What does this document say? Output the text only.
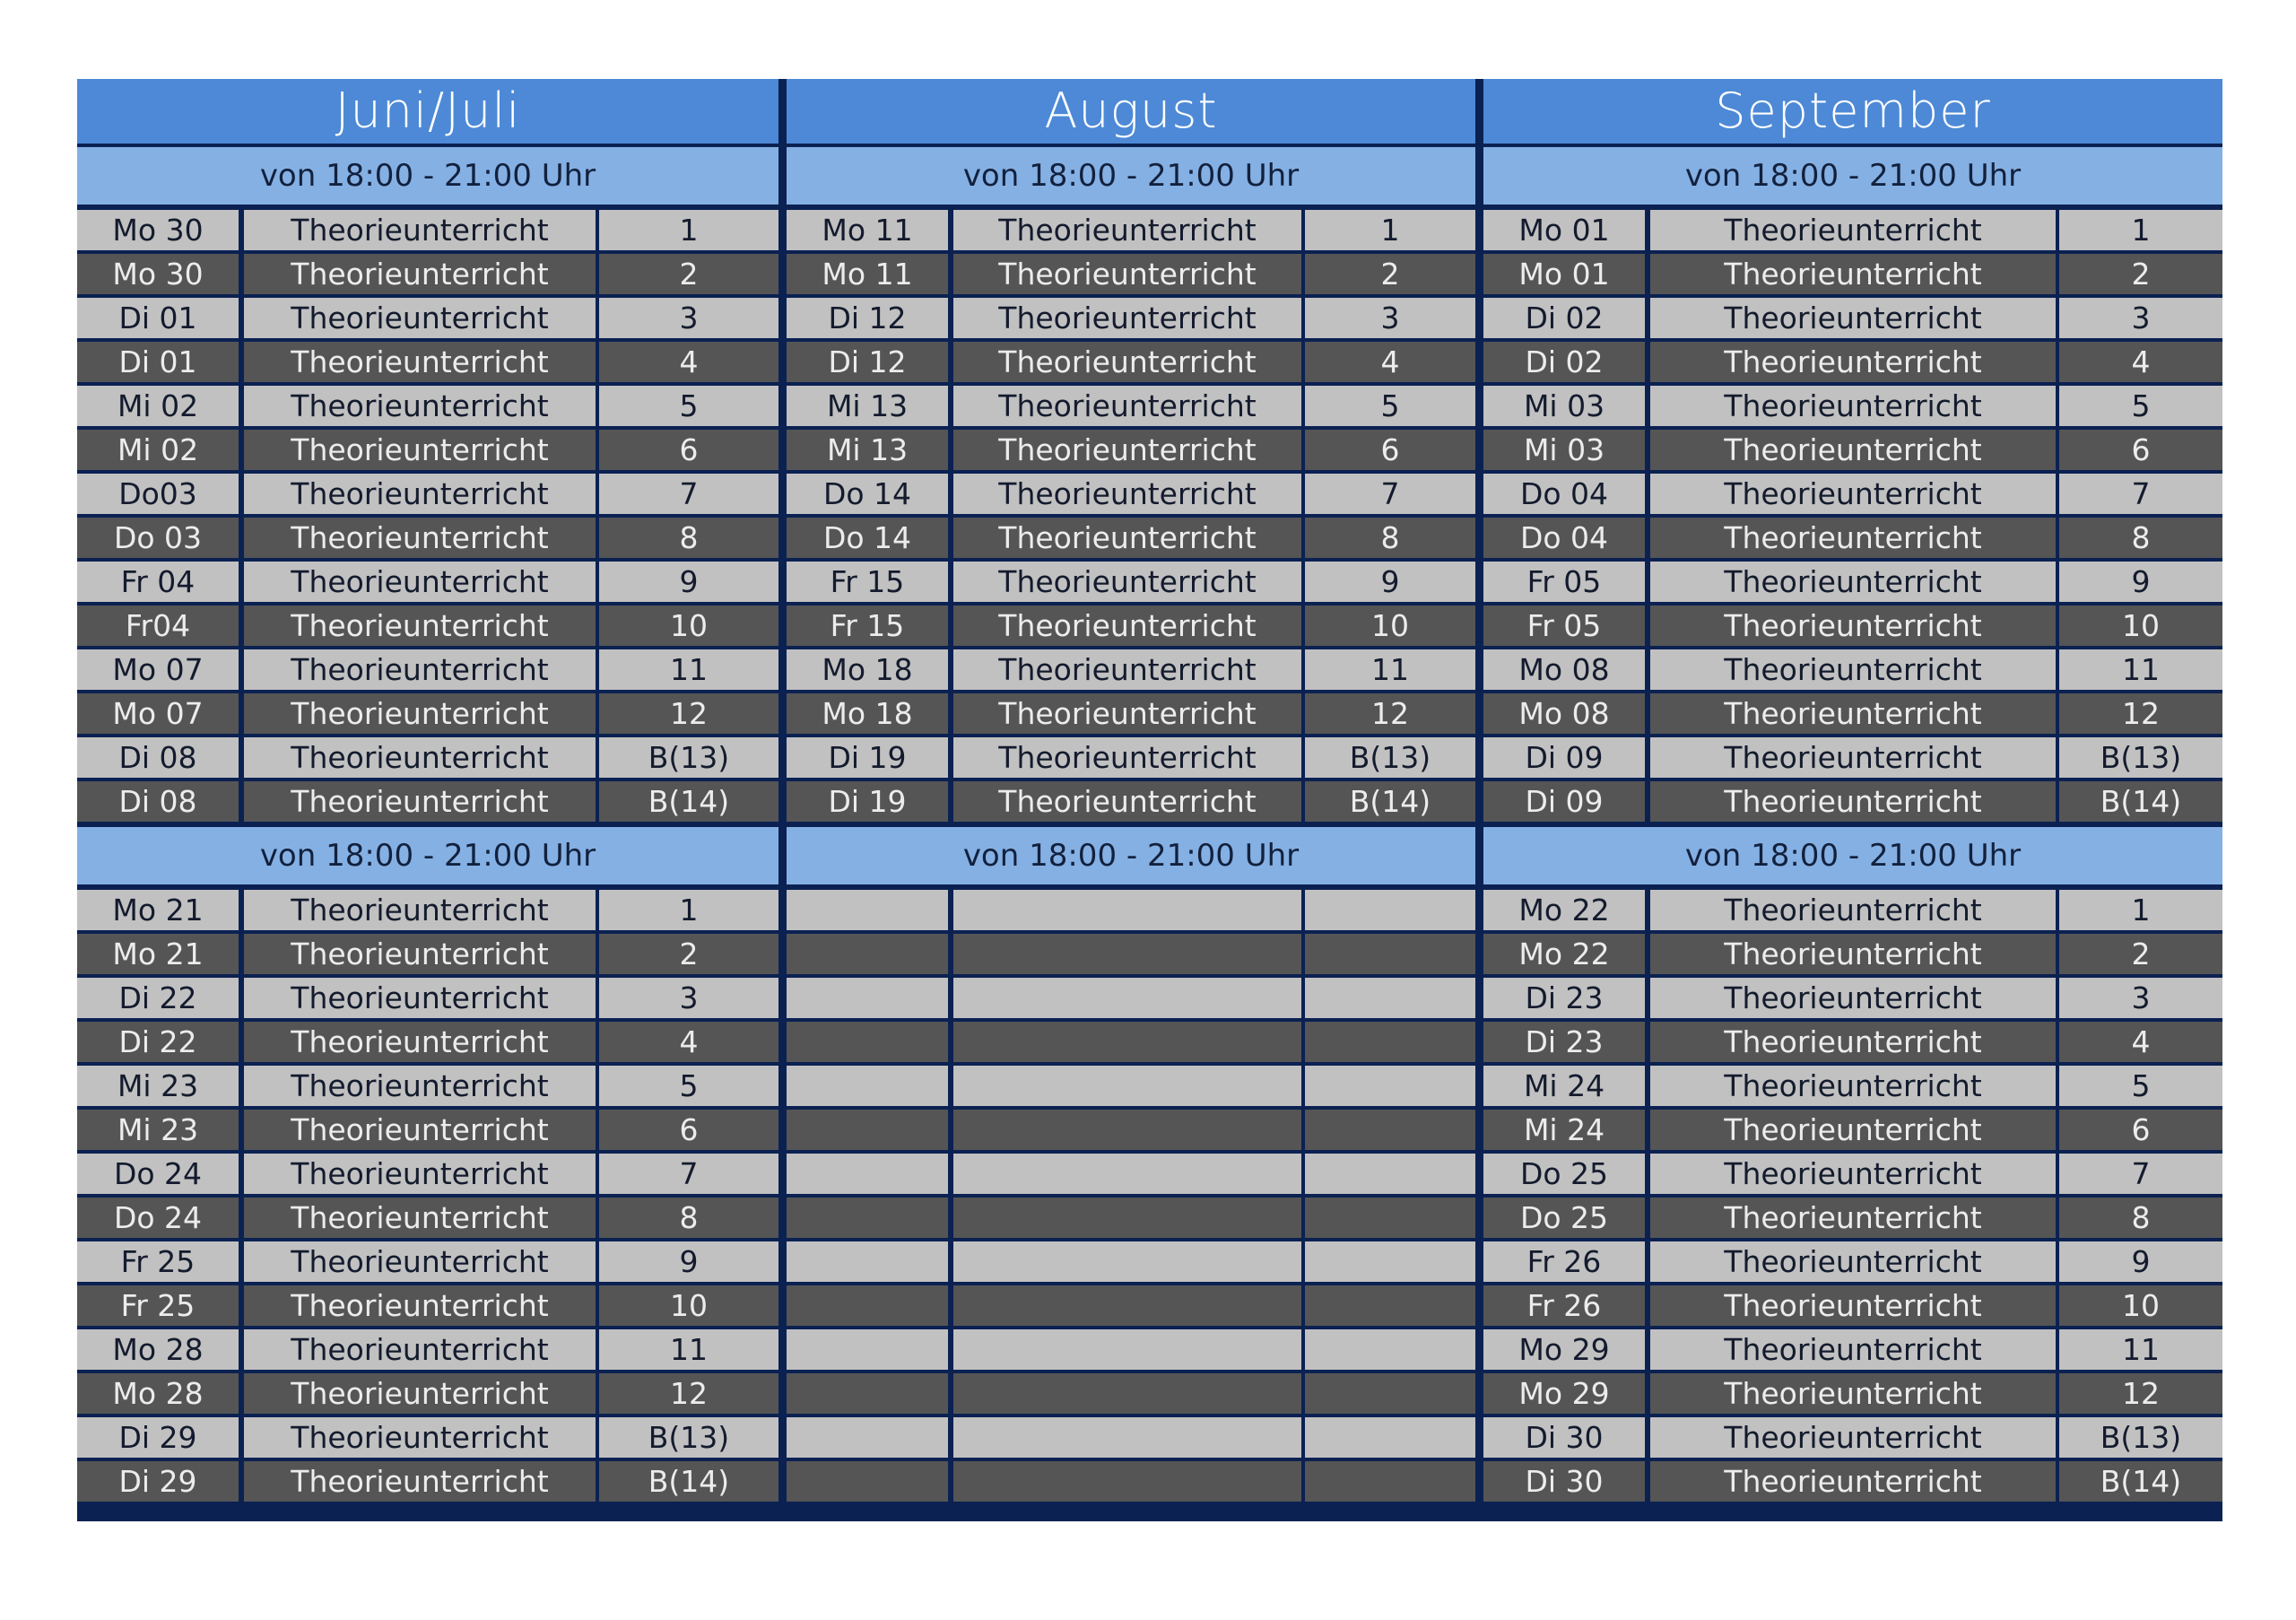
Juni/Juli
von 18:00 - 21:00 Uhr
Mo 30	Theorieunterricht	1
Mo 30	Theorieunterricht	2
Di 01	Theorieunterricht	3
Di 01	Theorieunterricht	4
Mi 02	Theorieunterricht	5
Mi 02	Theorieunterricht	6
Do03	Theorieunterricht	7
Do 03	Theorieunterricht	8
Fr 04	Theorieunterricht	9
Fr04	Theorieunterricht	10
Mo 07	Theorieunterricht	11
Mo 07	Theorieunterricht	12
Di 08	Theorieunterricht	B(13)
Di 08	Theorieunterricht	B(14)
von 18:00 - 21:00 Uhr
Mo 21	Theorieunterricht	1
Mo 21	Theorieunterricht	2
Di 22	Theorieunterricht	3
Di 22	Theorieunterricht	4
Mi 23	Theorieunterricht	5
Mi 23	Theorieunterricht	6
Do 24	Theorieunterricht	7
Do 24	Theorieunterricht	8
Fr 25	Theorieunterricht	9
Fr 25	Theorieunterricht	10
Mo 28	Theorieunterricht	11
Mo 28	Theorieunterricht	12
Di 29	Theorieunterricht	B(13)
Di 29	Theorieunterricht	B(14)
August
von 18:00 - 21:00 Uhr
Mo 11	Theorieunterricht	1
Mo 11	Theorieunterricht	2
Di 12	Theorieunterricht	3
Di 12	Theorieunterricht	4
Mi 13	Theorieunterricht	5
Mi 13	Theorieunterricht	6
Do 14	Theorieunterricht	7
Do 14	Theorieunterricht	8
Fr 15	Theorieunterricht	9
Fr 15	Theorieunterricht	10
Mo 18	Theorieunterricht	11
Mo 18	Theorieunterricht	12
Di 19	Theorieunterricht	B(13)
Di 19	Theorieunterricht	B(14)
von 18:00 - 21:00 Uhr
September
von 18:00 - 21:00 Uhr
Mo 01	Theorieunterricht	1
Mo 01	Theorieunterricht	2
Di 02	Theorieunterricht	3
Di 02	Theorieunterricht	4
Mi 03	Theorieunterricht	5
Mi 03	Theorieunterricht	6
Do 04	Theorieunterricht	7
Do 04	Theorieunterricht	8
Fr 05	Theorieunterricht	9
Fr 05	Theorieunterricht	10
Mo 08	Theorieunterricht	11
Mo 08	Theorieunterricht	12
Di 09	Theorieunterricht	B(13)
Di 09	Theorieunterricht	B(14)
von 18:00 - 21:00 Uhr
Mo 22	Theorieunterricht	1
Mo 22	Theorieunterricht	2
Di 23	Theorieunterricht	3
Di 23	Theorieunterricht	4
Mi 24	Theorieunterricht	5
Mi 24	Theorieunterricht	6
Do 25	Theorieunterricht	7
Do 25	Theorieunterricht	8
Fr 26	Theorieunterricht	9
Fr 26	Theorieunterricht	10
Mo 29	Theorieunterricht	11
Mo 29	Theorieunterricht	12
Di 30	Theorieunterricht	B(13)
Di 30	Theorieunterricht	B(14)
